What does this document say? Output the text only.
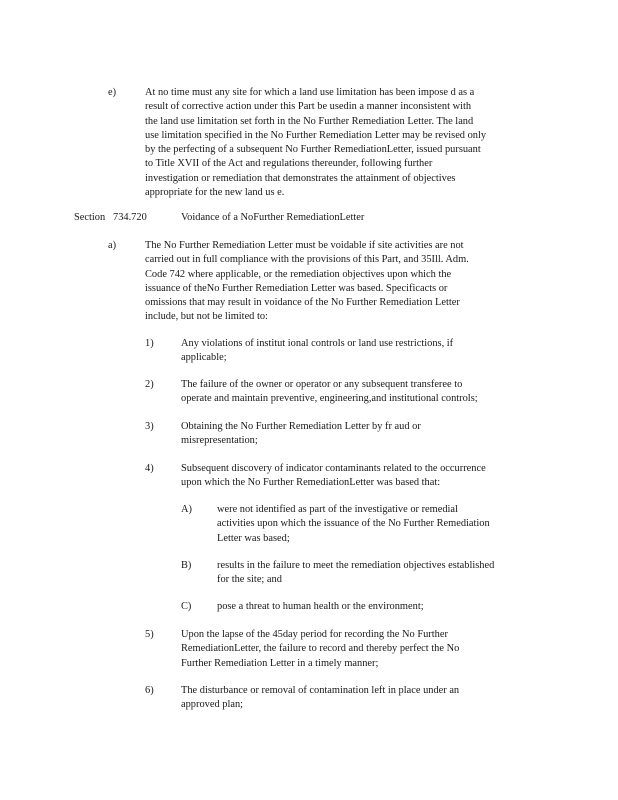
e)	At no time must any site for which a land use limitation has been impose d as a
result of corrective action under this Part be usedin a manner inconsistent with
the land use limitation set forth in the No Further Remediation Letter. The land
use limitation specified in the No Further Remediation Letter may be revised only
by the perfecting of a subsequent No Further RemediationLetter, issued pursuant
to Title XVII of the Act and regulations thereunder, following further
investigation or remediation that demonstrates the attainment of objectives
appropriate for the new land us e.
Section 734.720	Voidance of a NoFurther RemediationLetter
a)	The No Further Remediation Letter must be voidable if site activities are not
carried out in full compliance with the provisions of this Part, and 35Ill. Adm.
Code 742 where applicable, or the remediation objectives upon which the
issuance of theNo Further Remediation Letter was based. Specificacts or
omissions that may result in voidance of the No Further Remediation Letter
include, but not be limited to:
1)	Any violations of institut ional controls or land use restrictions, if
applicable;
2)	The failure of the owner or operator or any subsequent transferee to
operate and maintain preventive, engineering,and institutional controls;
3)	Obtaining the No Further Remediation Letter by fr aud or
misrepresentation;
4)	Subsequent discovery of indicator contaminants related to the occurrence
upon which the No Further RemediationLetter was based that:
A) were not identified as part of the investigative or remedial
activities upon which the issuance of the No Further Remediation
Letter was based;
B) results in the failure to meet the remediation objectives established
for the site; and
C) pose a threat to human health or the environment;
5)	Upon the lapse of the 45day period for recording the No Further
RemediationLetter, the failure to record and thereby perfect the No
Further Remediation Letter in a timely manner;
6)	The disturbance or removal of contamination left in place under an
approved plan;
